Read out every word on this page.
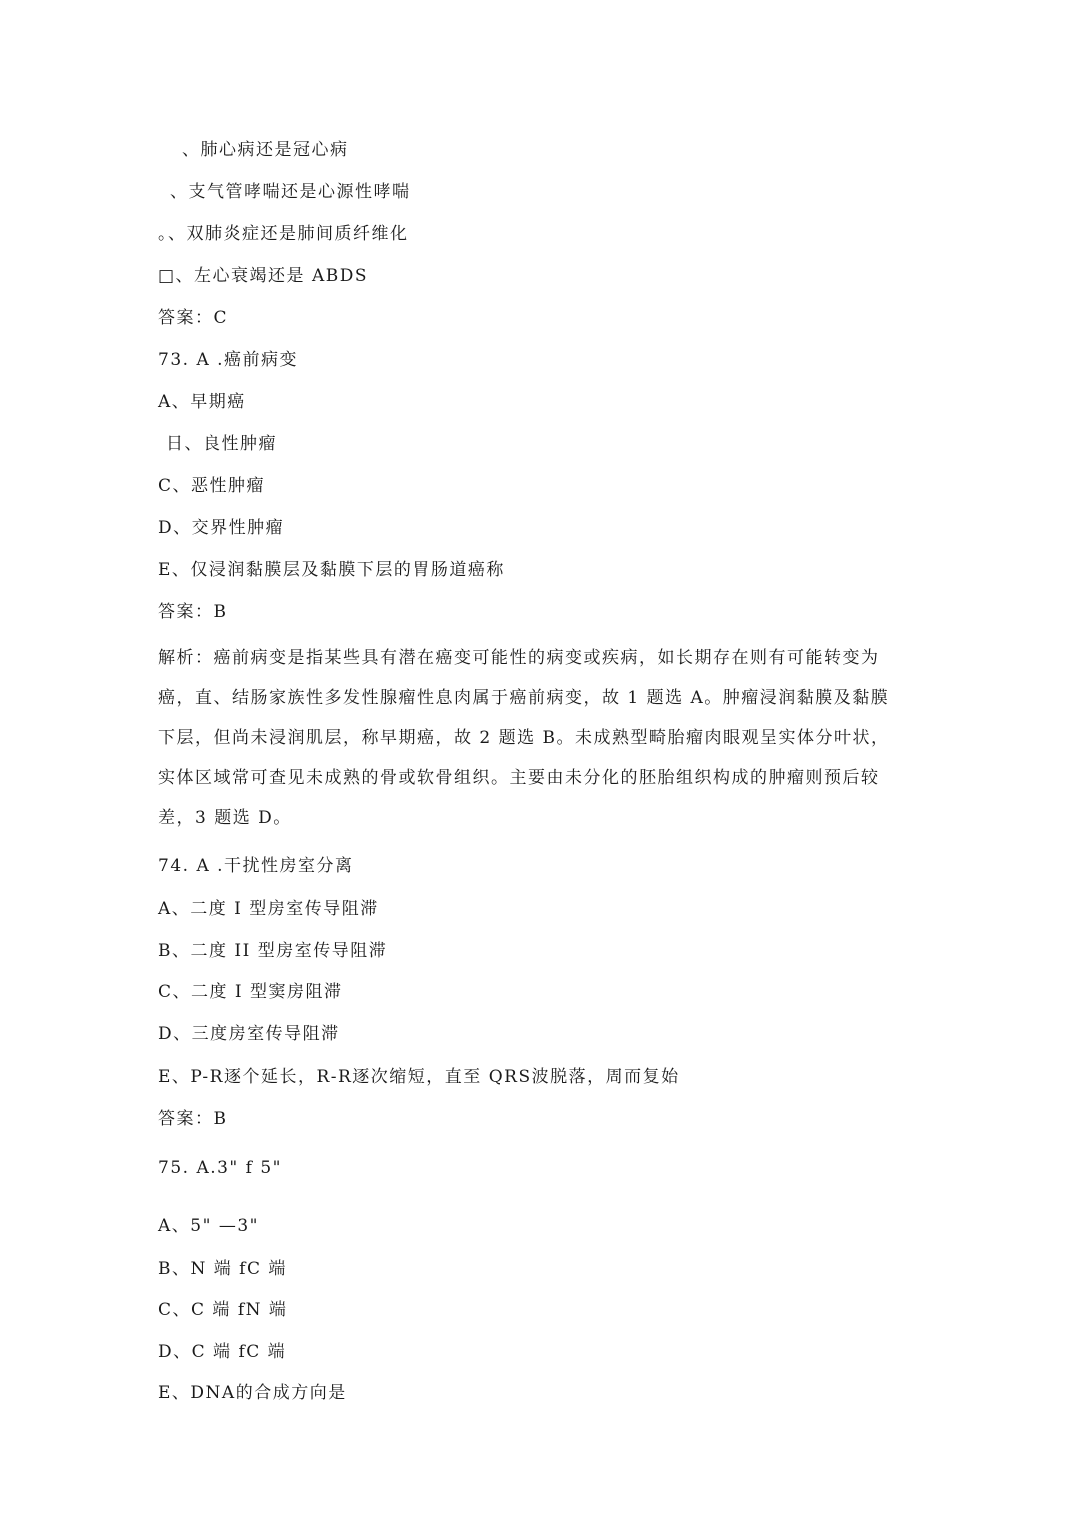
、肺心病还是冠心病
、支气管哮喘还是心源性哮喘
。、双肺炎症还是肺间质纤维化
□、左心衰竭还是 ABDS
答案：C
73. A .癌前病变
A、早期癌
日、良性肿瘤
C、恶性肿瘤
D、交界性肿瘤
E、仅浸润黏膜层及黏膜下层的胃肠道癌称
答案：B
解析：癌前病变是指某些具有潜在癌变可能性的病变或疾病，如长期存在则有可能转变为
癌，直、结肠家族性多发性腺瘤性息肉属于癌前病变，故 1 题选 A。肿瘤浸润黏膜及黏膜
下层，但尚未浸润肌层，称早期癌，故 2 题选 B。未成熟型畸胎瘤肉眼观呈实体分叶状，
实体区域常可查见未成熟的骨或软骨组织。主要由未分化的胚胎组织构成的肿瘤则预后较
差，3 题选 D。
74. A .干扰性房室分离
A、二度 I 型房室传导阻滞
B、二度 II 型房室传导阻滞
C、二度 I 型窦房阻滞
D、三度房室传导阻滞
E、P-R逐个延长，R-R逐次缩短，直至 QRS波脱落，周而复始
答案：B
75. A.3" f 5"
A、5" —3"
B、N 端 fC 端
C、C 端 fN 端
D、C 端 fC 端
E、DNA的合成方向是
